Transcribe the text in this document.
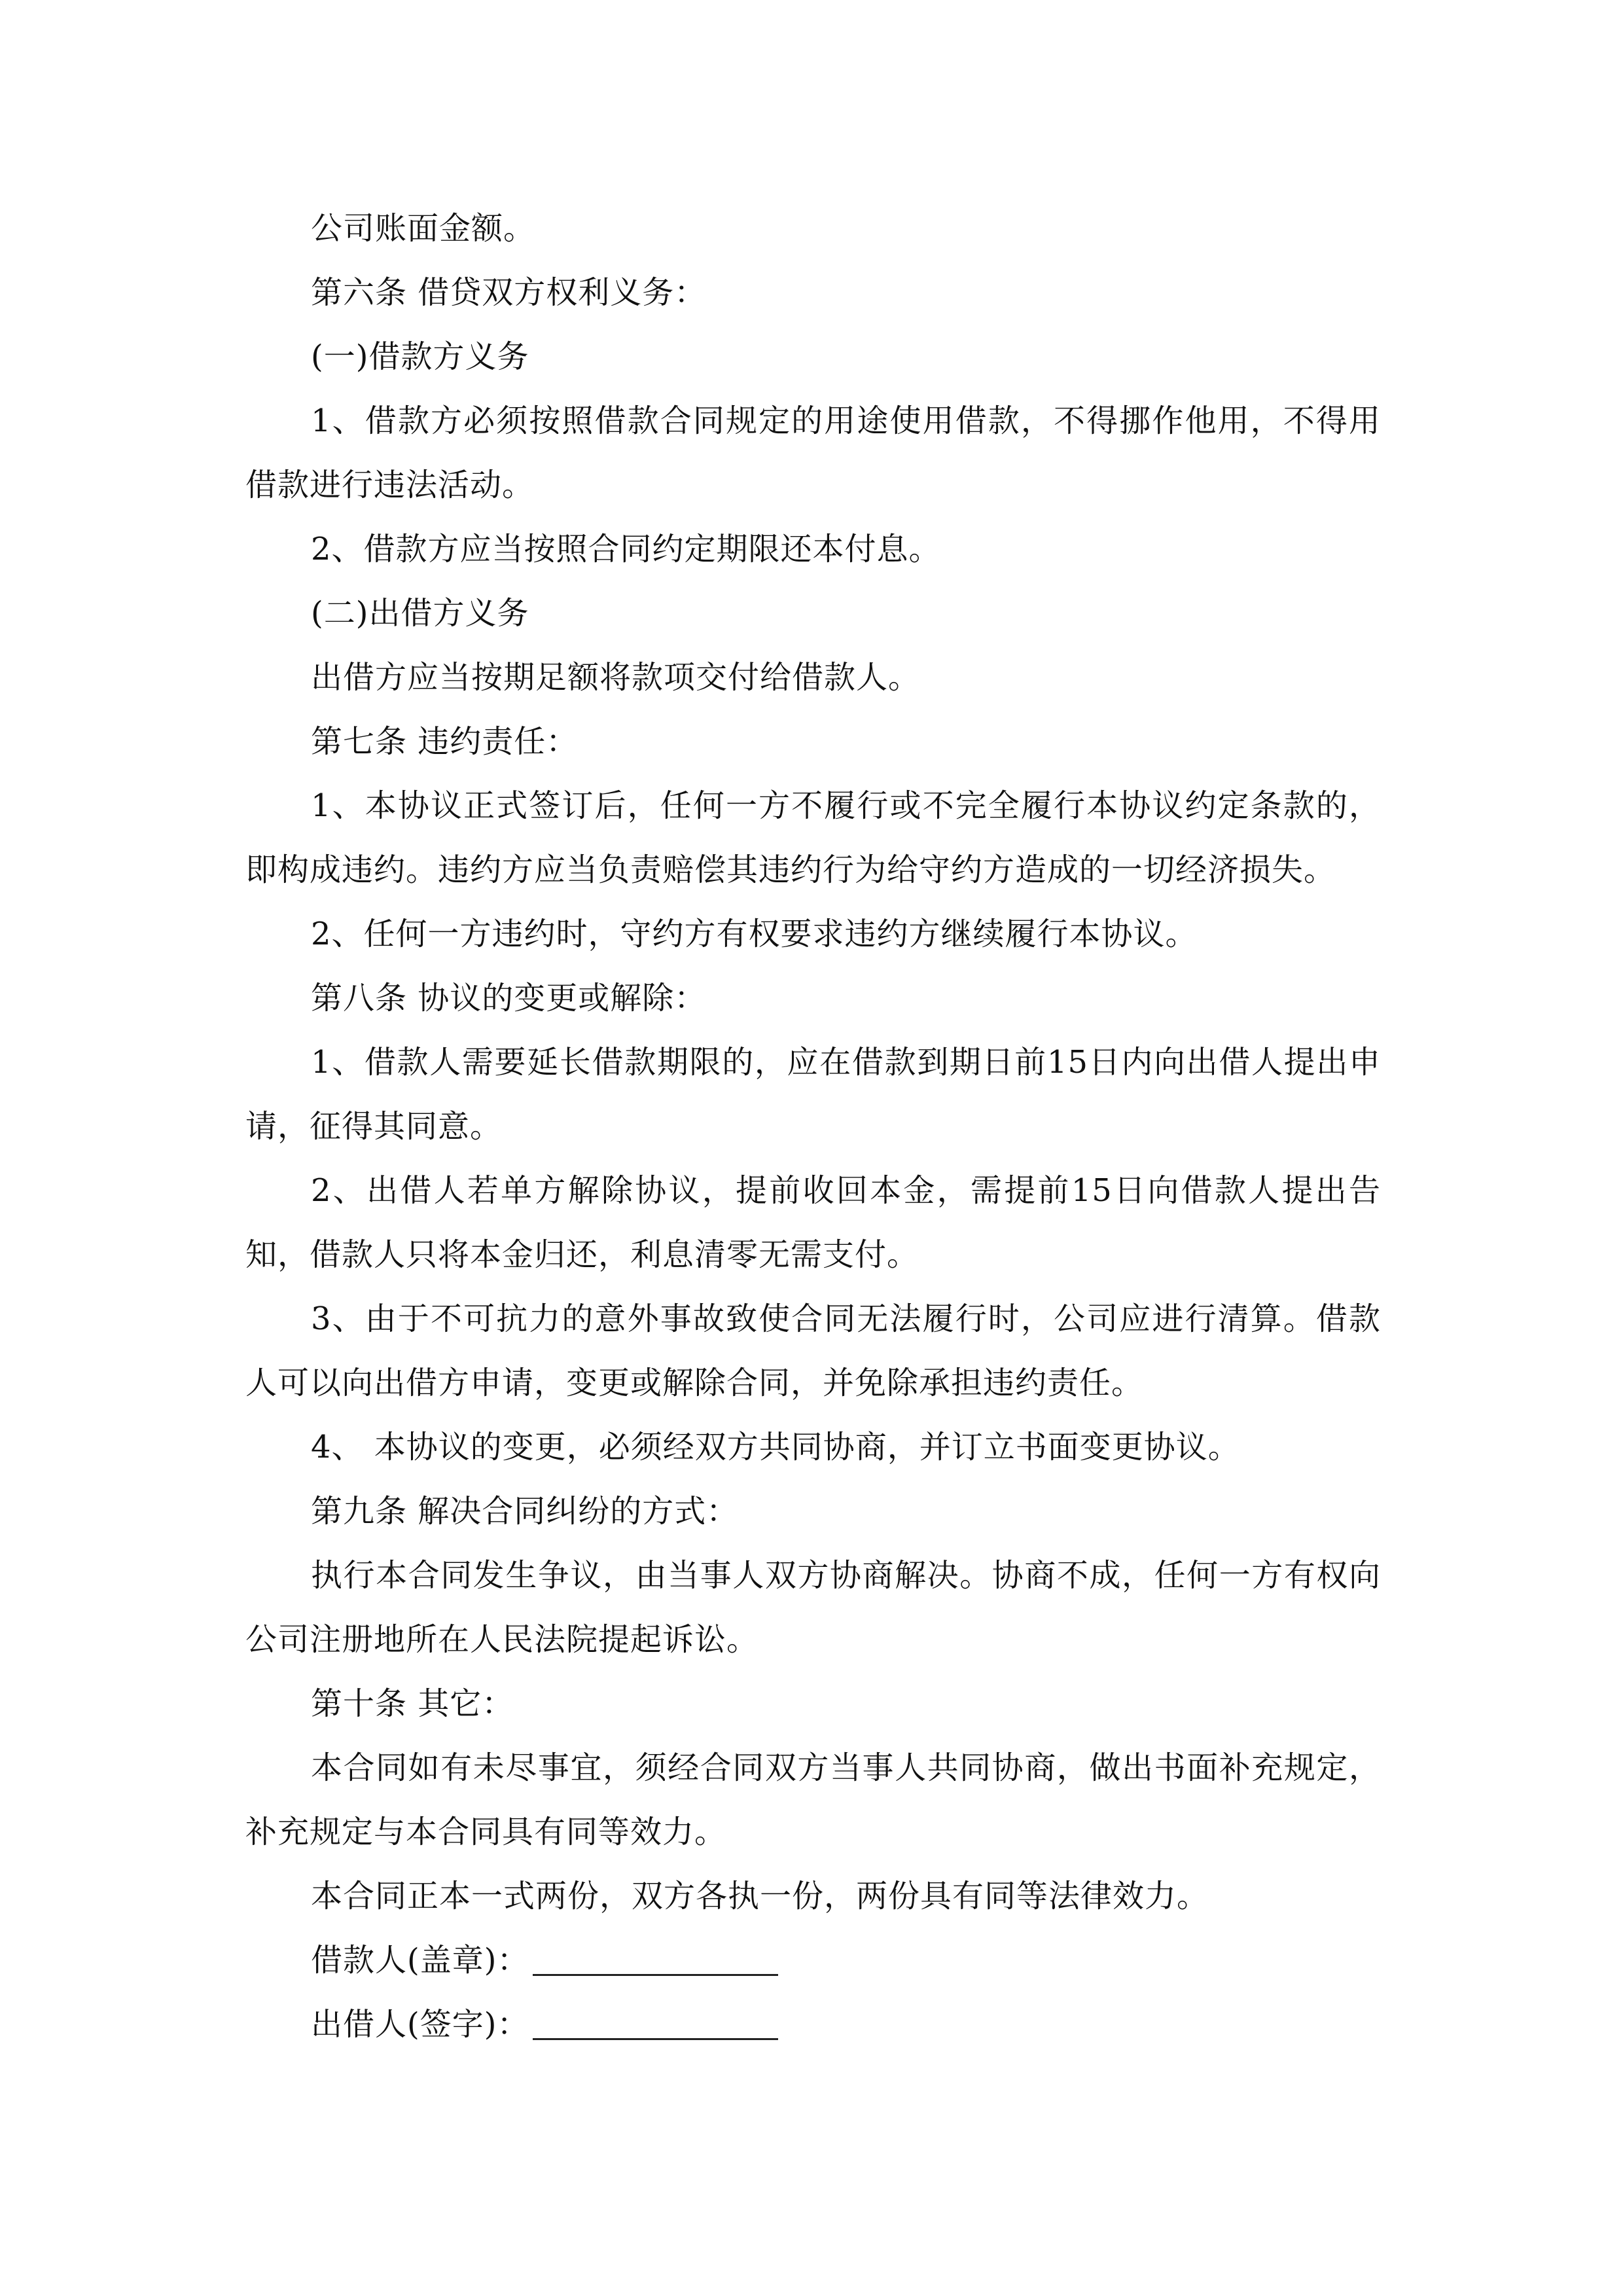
公司账面金额。

第六条 借贷双方权利义务：

(一)借款方义务

1、借款方必须按照借款合同规定的用途使用借款，不得挪作他用，不得用借款进行违法活动。

2、借款方应当按照合同约定期限还本付息。

(二)出借方义务

出借方应当按期足额将款项交付给借款人。

第七条 违约责任：

1、本协议正式签订后，任何一方不履行或不完全履行本协议约定条款的，即构成违约。违约方应当负责赔偿其违约行为给守约方造成的一切经济损失。

2、任何一方违约时，守约方有权要求违约方继续履行本协议。

第八条 协议的变更或解除：

1、借款人需要延长借款期限的，应在借款到期日前15日内向出借人提出申请，征得其同意。

2、出借人若单方解除协议，提前收回本金，需提前15日向借款人提出告知，借款人只将本金归还，利息清零无需支付。

3、由于不可抗力的意外事故致使合同无法履行时，公司应进行清算。借款人可以向出借方申请，变更或解除合同，并免除承担违约责任。

4、 本协议的变更，必须经双方共同协商，并订立书面变更协议。

第九条 解决合同纠纷的方式：

执行本合同发生争议，由当事人双方协商解决。协商不成，任何一方有权向公司注册地所在人民法院提起诉讼。

第十条 其它：

本合同如有未尽事宜，须经合同双方当事人共同协商，做出书面补充规定，补充规定与本合同具有同等效力。

本合同正本一式两份，双方各执一份，两份具有同等法律效力。

借款人(盖章)：
出借人(签字)：
